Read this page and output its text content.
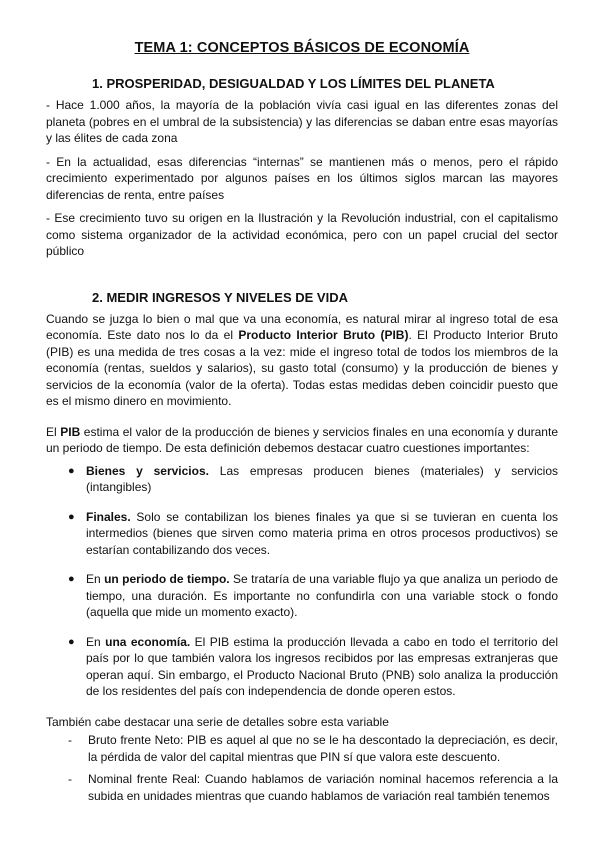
TEMA 1: CONCEPTOS BÁSICOS DE ECONOMÍA
1. PROSPERIDAD, DESIGUALDAD Y LOS LÍMITES DEL PLANETA

- Hace 1.000 años, la mayoría de la población vivía casi igual en las diferentes zonas del planeta (pobres en el umbral de la subsistencia) y las diferencias se daban entre esas mayorías y las élites de cada zona

- En la actualidad, esas diferencias “internas” se mantienen más o menos, pero el rápido crecimiento experimentado por algunos países en los últimos siglos marcan las mayores diferencias de renta, entre países

- Ese crecimiento tuvo su origen en la Ilustración y la Revolución industrial, con el capitalismo como sistema organizador de la actividad económica, pero con un papel crucial del sector público

2. MEDIR INGRESOS Y NIVELES DE VIDA

Cuando se juzga lo bien o mal que va una economía, es natural mirar al ingreso total de esa economía. Este dato nos lo da el Producto Interior Bruto (PIB). El Producto Interior Bruto (PIB) es una medida de tres cosas a la vez: mide el ingreso total de todos los miembros de la economía (rentas, sueldos y salarios), su gasto total (consumo) y la producción de bienes y servicios de la economía (valor de la oferta). Todas estas medidas deben coincidir puesto que es el mismo dinero en movimiento.

El PIB estima el valor de la producción de bienes y servicios finales en una economía y durante un periodo de tiempo. De esta definición debemos destacar cuatro cuestiones importantes:

● Bienes y servicios. Las empresas producen bienes (materiales) y servicios (intangibles)
● Finales. Solo se contabilizan los bienes finales ya que si se tuvieran en cuenta los intermedios (bienes que sirven como materia prima en otros procesos productivos) se estarían contabilizando dos veces.
● En un periodo de tiempo. Se trataría de una variable flujo ya que analiza un periodo de tiempo, una duración. Es importante no confundirla con una variable stock o fondo (aquella que mide un momento exacto).
● En una economía. El PIB estima la producción llevada a cabo en todo el territorio del país por lo que también valora los ingresos recibidos por las empresas extranjeras que operan aquí. Sin embargo, el Producto Nacional Bruto (PNB) solo analiza la producción de los residentes del país con independencia de donde operen estos.

También cabe destacar una serie de detalles sobre esta variable

- Bruto frente Neto: PIB es aquel al que no se le ha descontado la depreciación, es decir, la pérdida de valor del capital mientras que PIN sí que valora este descuento.
- Nominal frente Real: Cuando hablamos de variación nominal hacemos referencia a la subida en unidades mientras que cuando hablamos de variación real también tenemos
